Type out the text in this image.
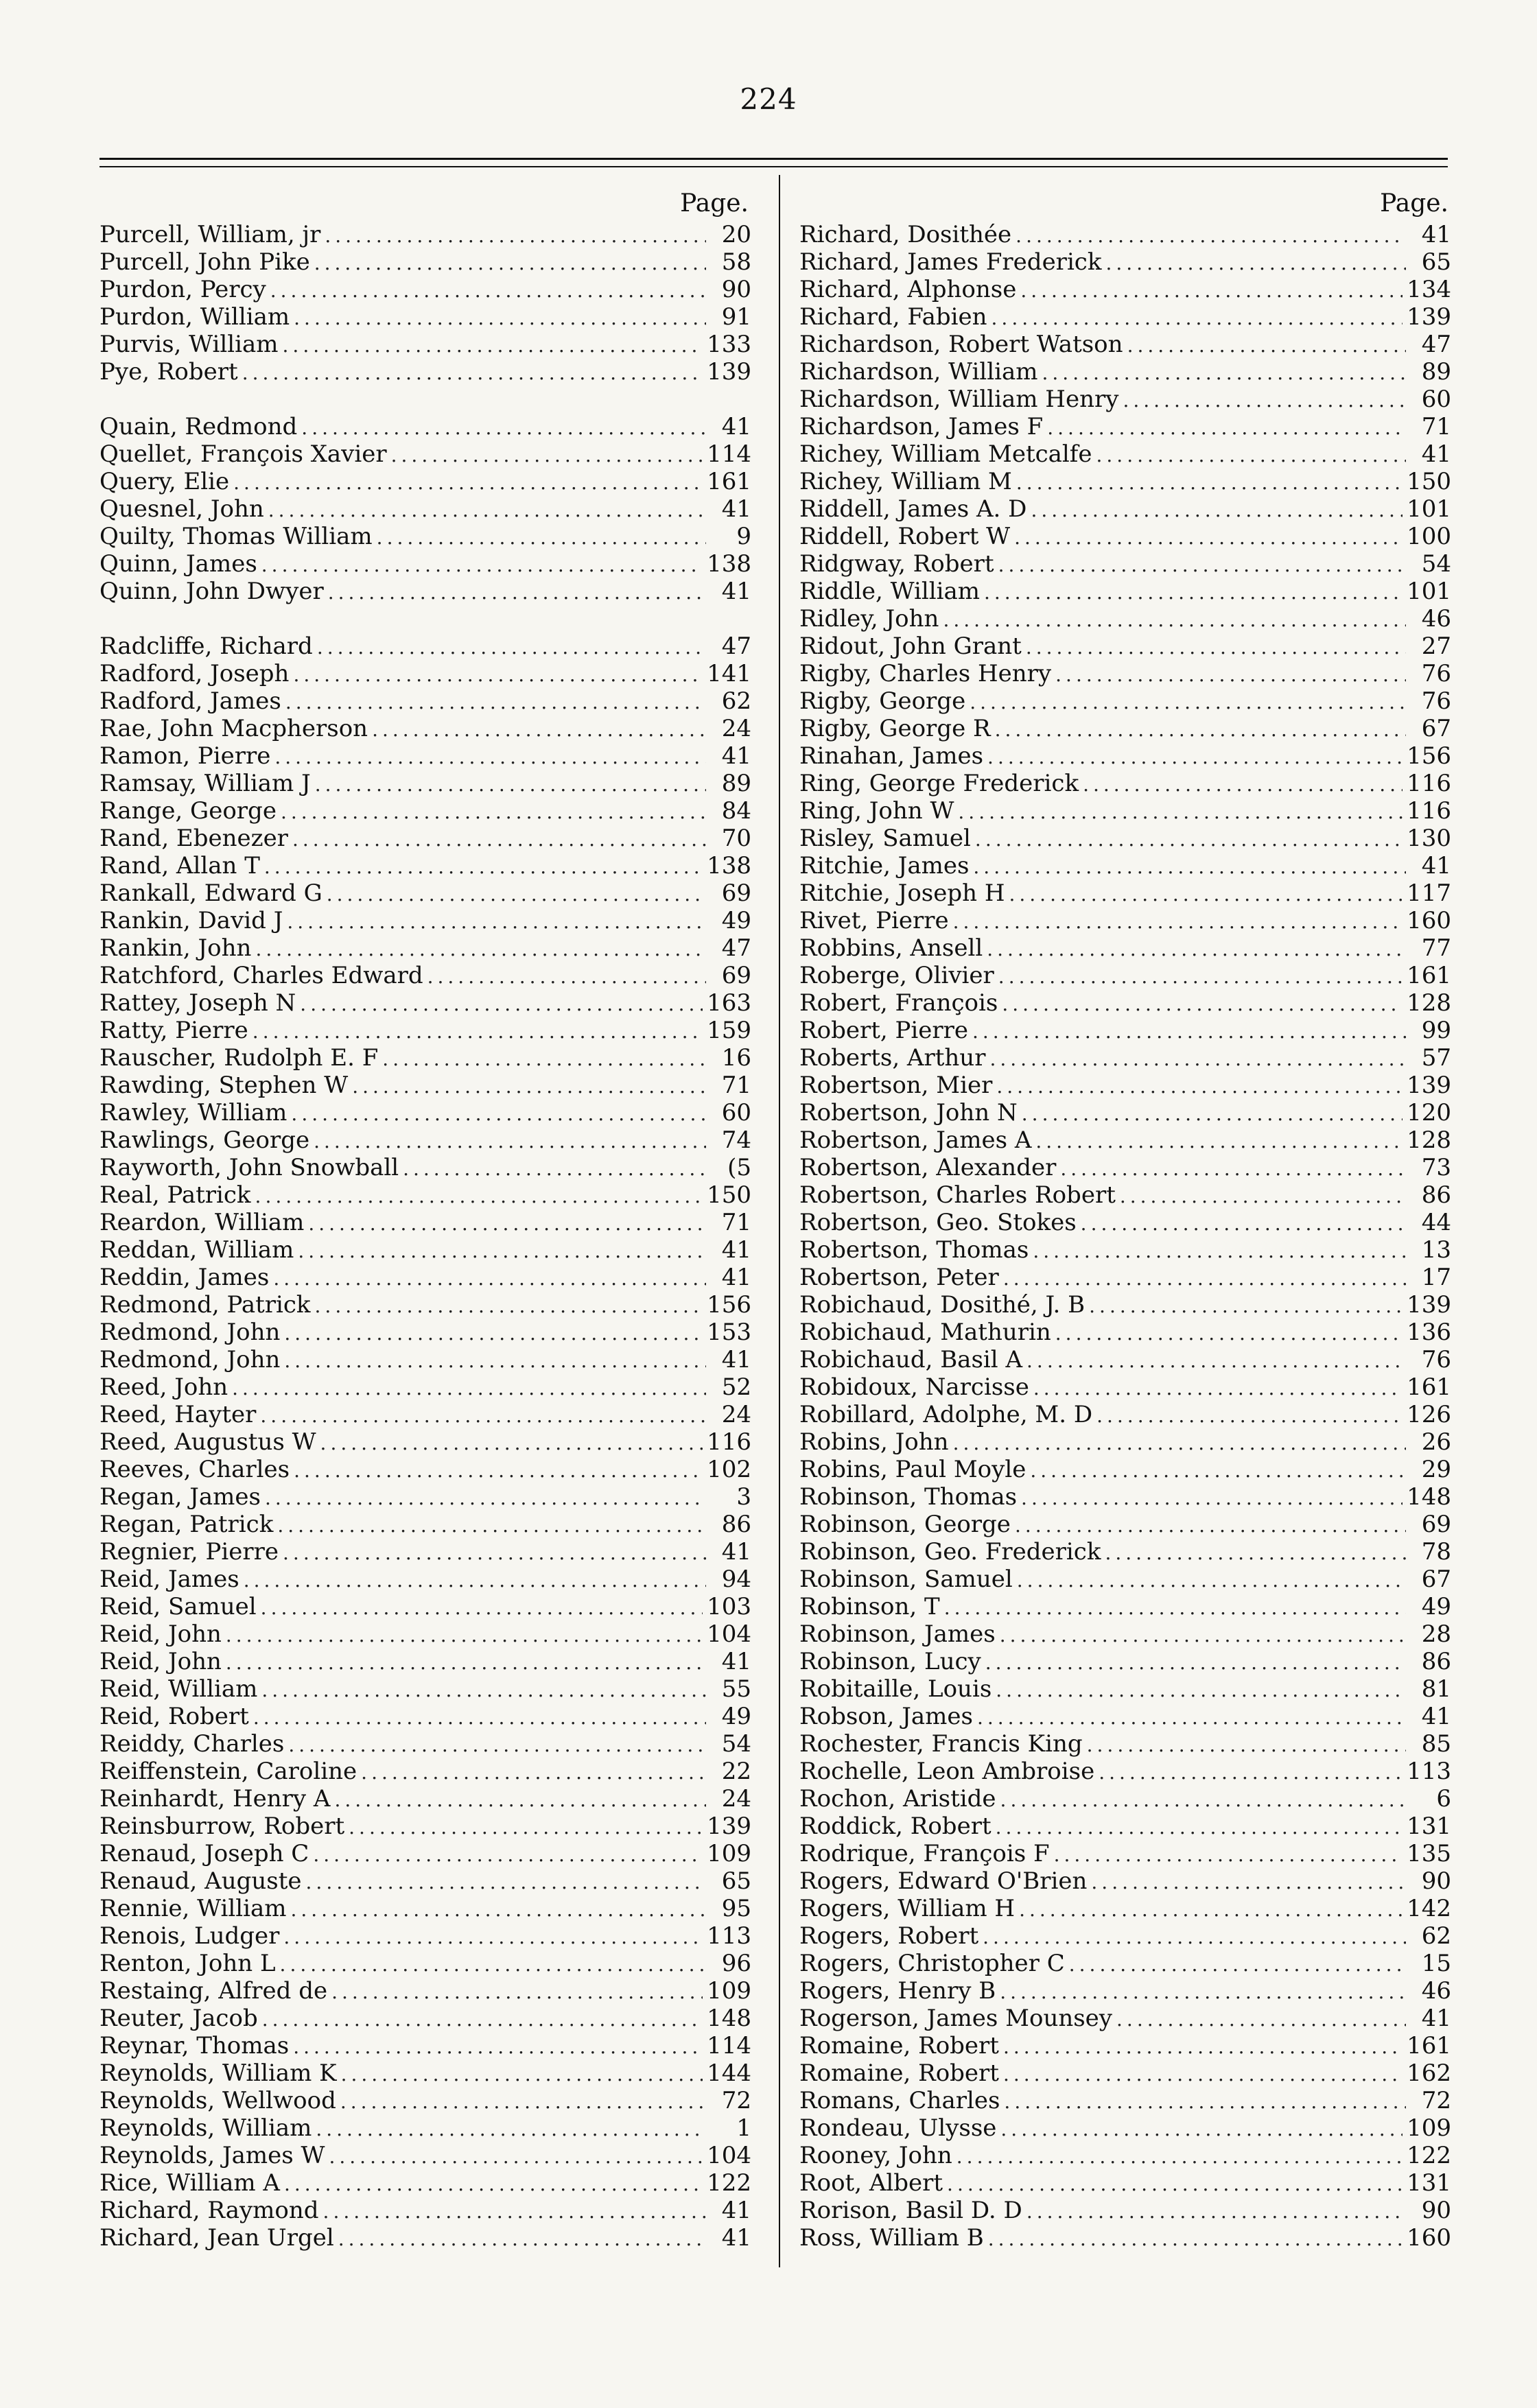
224
Page.
Purcell, William, jr .....	20
Purcell, John Pike .....	58
Purdon, Percy .....	90
Purdon, William .....	91
Purvis, William .....	133
Pye, Robert .....	139
Quain, Redmond .....	41
Quellet, François Xavier .....	114
Query, Elie .....	161
Quesnel, John .....	41
Quilty, Thomas William .....	9
Quinn, James .....	138
Quinn, John Dwyer .....	41
Radcliffe, Richard .....	47
Radford, Joseph .....	141
Radford, James .....	62
Rae, John Macpherson .....	24
Ramon, Pierre .....	41
Ramsay, William J .....	89
Range, George .....	84
Rand, Ebenezer .....	70
Rand, Allan T .....	138
Rankall, Edward G .....	69
Rankin, David J .....	49
Rankin, John .....	47
Ratchford, Charles Edward .....	69
Rattey, Joseph N .....	163
Ratty, Pierre .....	159
Rauscher, Rudolph E. F .....	16
Rawding, Stephen W .....	71
Rawley, William .....	60
Rawlings, George .....	74
Rayworth, John Snowball .....	(5
Real, Patrick .....	150
Reardon, William .....	71
Reddan, William .....	41
Reddin, James .....	41
Redmond, Patrick .....	156
Redmond, John .....	153
Redmond, John .....	41
Reed, John .....	52
Reed, Hayter .....	24
Reed, Augustus W .....	116
Reeves, Charles .....	102
Regan, James .....	3
Regan, Patrick .....	86
Regnier, Pierre .....	41
Reid, James .....	94
Reid, Samuel .....	103
Reid, John .....	104
Reid, John .....	41
Reid, William .....	55
Reid, Robert .....	49
Reiddy, Charles .....	54
Reiffenstein, Caroline .....	22
Reinhardt, Henry A .....	24
Reinsburrow, Robert .....	139
Renaud, Joseph C .....	109
Renaud, Auguste .....	65
Rennie, William .....	95
Renois, Ludger .....	113
Renton, John L .....	96
Restaing, Alfred de .....	109
Reuter, Jacob .....	148
Reynar, Thomas .....	114
Reynolds, William K .....	144
Reynolds, Wellwood .....	72
Reynolds, William .....	1
Reynolds, James W .....	104
Rice, William A .....	122
Richard, Raymond .....	41
Richard, Jean Urgel .....	41
Page.
Richard, Dosithée .....	41
Richard, James Frederick .....	65
Richard, Alphonse .....	134
Richard, Fabien .....	139
Richardson, Robert Watson .....	47
Richardson, William .....	89
Richardson, William Henry .....	60
Richardson, James F .....	71
Richey, William Metcalfe .....	41
Richey, William M .....	150
Riddell, James A. D .....	101
Riddell, Robert W .....	100
Ridgway, Robert .....	54
Riddle, William .....	101
Ridley, John .....	46
Ridout, John Grant .....	27
Rigby, Charles Henry .....	76
Rigby, George .....	76
Rigby, George R .....	67
Rinahan, James .....	156
Ring, George Frederick .....	116
Ring, John W .....	116
Risley, Samuel .....	130
Ritchie, James .....	41
Ritchie, Joseph H .....	117
Rivet, Pierre .....	160
Robbins, Ansell .....	77
Roberge, Olivier .....	161
Robert, François .....	128
Robert, Pierre .....	99
Roberts, Arthur .....	57
Robertson, Mier .....	139
Robertson, John N .....	120
Robertson, James A .....	128
Robertson, Alexander .....	73
Robertson, Charles Robert .....	86
Robertson, Geo. Stokes .....	44
Robertson, Thomas .....	13
Robertson, Peter .....	17
Robichaud, Dosithé, J. B .....	139
Robichaud, Mathurin .....	136
Robichaud, Basil A .....	76
Robidoux, Narcisse .....	161
Robillard, Adolphe, M. D .....	126
Robins, John .....	26
Robins, Paul Moyle .....	29
Robinson, Thomas .....	148
Robinson, George .....	69
Robinson, Geo. Frederick .....	78
Robinson, Samuel .....	67
Robinson, T .....	49
Robinson, James .....	28
Robinson, Lucy .....	86
Robitaille, Louis .....	81
Robson, James .....	41
Rochester, Francis King .....	85
Rochelle, Leon Ambroise .....	113
Rochon, Aristide .....	6
Roddick, Robert .....	131
Rodrique, François F .....	135
Rogers, Edward O'Brien .....	90
Rogers, William H .....	142
Rogers, Robert .....	62
Rogers, Christopher C .....	15
Rogers, Henry B .....	46
Rogerson, James Mounsey .....	41
Romaine, Robert .....	161
Romaine, Robert .....	162
Romans, Charles .....	72
Rondeau, Ulysse .....	109
Rooney, John .....	122
Root, Albert .....	131
Rorison, Basil D. D .....	90
Ross, William B .....	160
